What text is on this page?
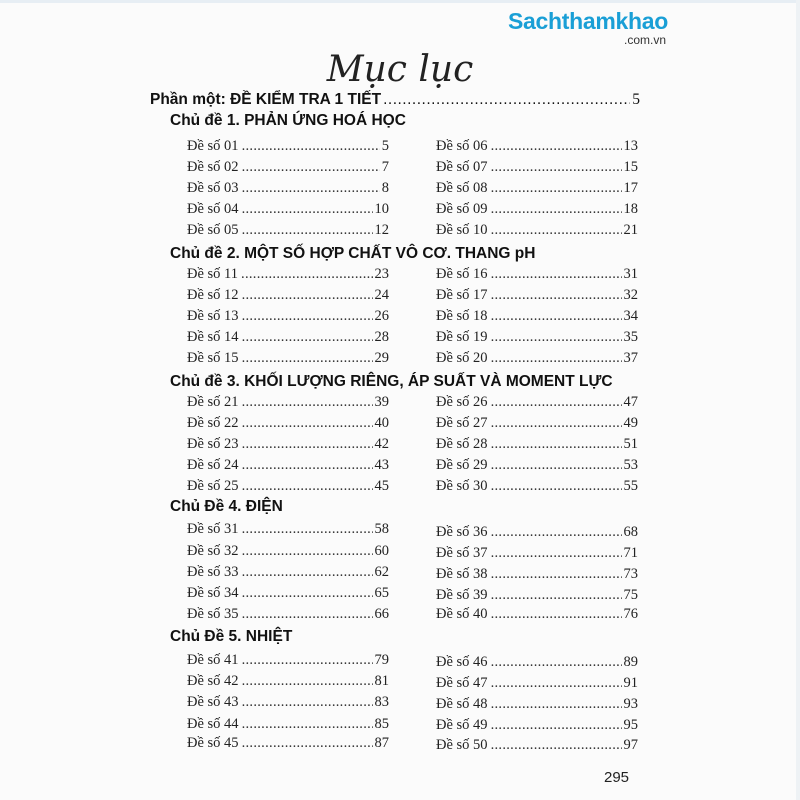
Sachthamkhao
.com.vn
Mục lục
Phần một: ĐỀ KIỂM TRA 1 TIẾT .....	5
Chủ đề 1. PHẢN ỨNG HOÁ HỌC
Đề số 01 .....	5
Đề số 02 .....	7
Đề số 03 .....	8
Đề số 04 .....	10
Đề số 05 .....	12
Đề số 06 .....	13
Đề số 07 .....	15
Đề số 08 .....	17
Đề số 09 .....	18
Đề số 10 .....	21
Chủ đề 2. MỘT SỐ HỢP CHẤT VÔ CƠ. THANG pH
Đề số 11 .....	23
Đề số 12 .....	24
Đề số 13 .....	26
Đề số 14 .....	28
Đề số 15 .....	29
Đề số 16 .....	31
Đề số 17 .....	32
Đề số 18 .....	34
Đề số 19 .....	35
Đề số 20 .....	37
Chủ đề 3. KHỐI LƯỢNG RIÊNG, ÁP SUẤT VÀ MOMENT LỰC
Đề số 21 .....	39
Đề số 22 .....	40
Đề số 23 .....	42
Đề số 24 .....	43
Đề số 25 .....	45
Đề số 26 .....	47
Đề số 27 .....	49
Đề số 28 .....	51
Đề số 29 .....	53
Đề số 30 .....	55
Chủ Đề 4. ĐIỆN
Đề số 31 .....	58
Đề số 32 .....	60
Đề số 33 .....	62
Đề số 34 .....	65
Đề số 35 .....	66
Đề số 36 .....	68
Đề số 37 .....	71
Đề số 38 .....	73
Đề số 39 .....	75
Đề số 40 .....	76
Chủ Đề 5. NHIỆT
Đề số 41 .....	79
Đề số 42 .....	81
Đề số 43 .....	83
Đề số 44 .....	85
Đề số 45 .....	87
Đề số 46 .....	89
Đề số 47 .....	91
Đề số 48 .....	93
Đề số 49 .....	95
Đề số 50 .....	97
295
